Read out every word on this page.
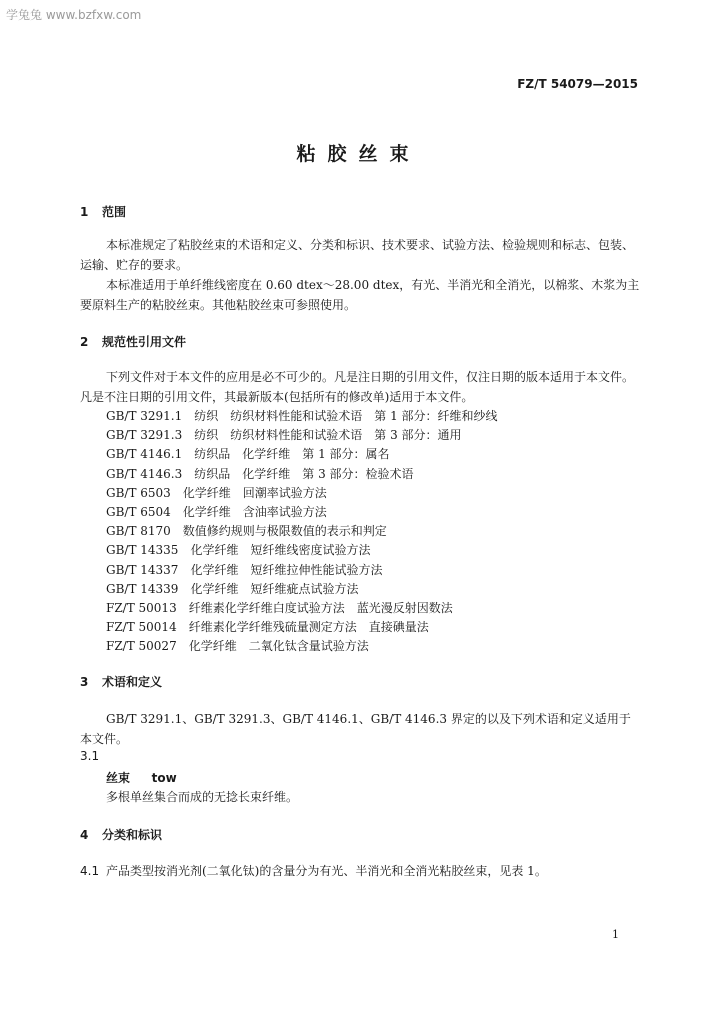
学兔兔 www.bzfxw.com
FZ/T 54079—2015
粘胶丝束
1 范围

本标准规定了粘胶丝束的术语和定义、分类和标识、技术要求、试验方法、检验规则和标志、包装、运输、贮存的要求。

本标准适用于单纤维线密度在 0.60 dtex～28.00 dtex，有光、半消光和全消光，以棉浆、木浆为主要原料生产的粘胶丝束。其他粘胶丝束可参照使用。

2 规范性引用文件

下列文件对于本文件的应用是必不可少的。凡是注日期的引用文件，仅注日期的版本适用于本文件。凡是不注日期的引用文件，其最新版本(包括所有的修改单)适用于本文件。

GB/T 3291.1　纺织　纺织材料性能和试验术语　第 1 部分：纤维和纱线
GB/T 3291.3　纺织　纺织材料性能和试验术语　第 3 部分：通用
GB/T 4146.1　纺织品　化学纤维　第 1 部分：属名
GB/T 4146.3　纺织品　化学纤维　第 3 部分：检验术语
GB/T 6503　化学纤维　回潮率试验方法
GB/T 6504　化学纤维　含油率试验方法
GB/T 8170　数值修约规则与极限数值的表示和判定
GB/T 14335　化学纤维　短纤维线密度试验方法
GB/T 14337　化学纤维　短纤维拉伸性能试验方法
GB/T 14339　化学纤维　短纤维疵点试验方法
FZ/T 50013　纤维素化学纤维白度试验方法　蓝光漫反射因数法
FZ/T 50014　纤维素化学纤维残硫量测定方法　直接碘量法
FZ/T 50027　化学纤维　二氧化钛含量试验方法
3 术语和定义

GB/T 3291.1、GB/T 3291.3、GB/T 4146.1、GB/T 4146.3 界定的以及下列术语和定义适用于本文件。

3.1
丝束 tow
多根单丝集合而成的无捻长束纤维。
4 分类和标识
4.1 产品类型按消光剂(二氧化钛)的含量分为有光、半消光和全消光粘胶丝束，见表 1。
1
